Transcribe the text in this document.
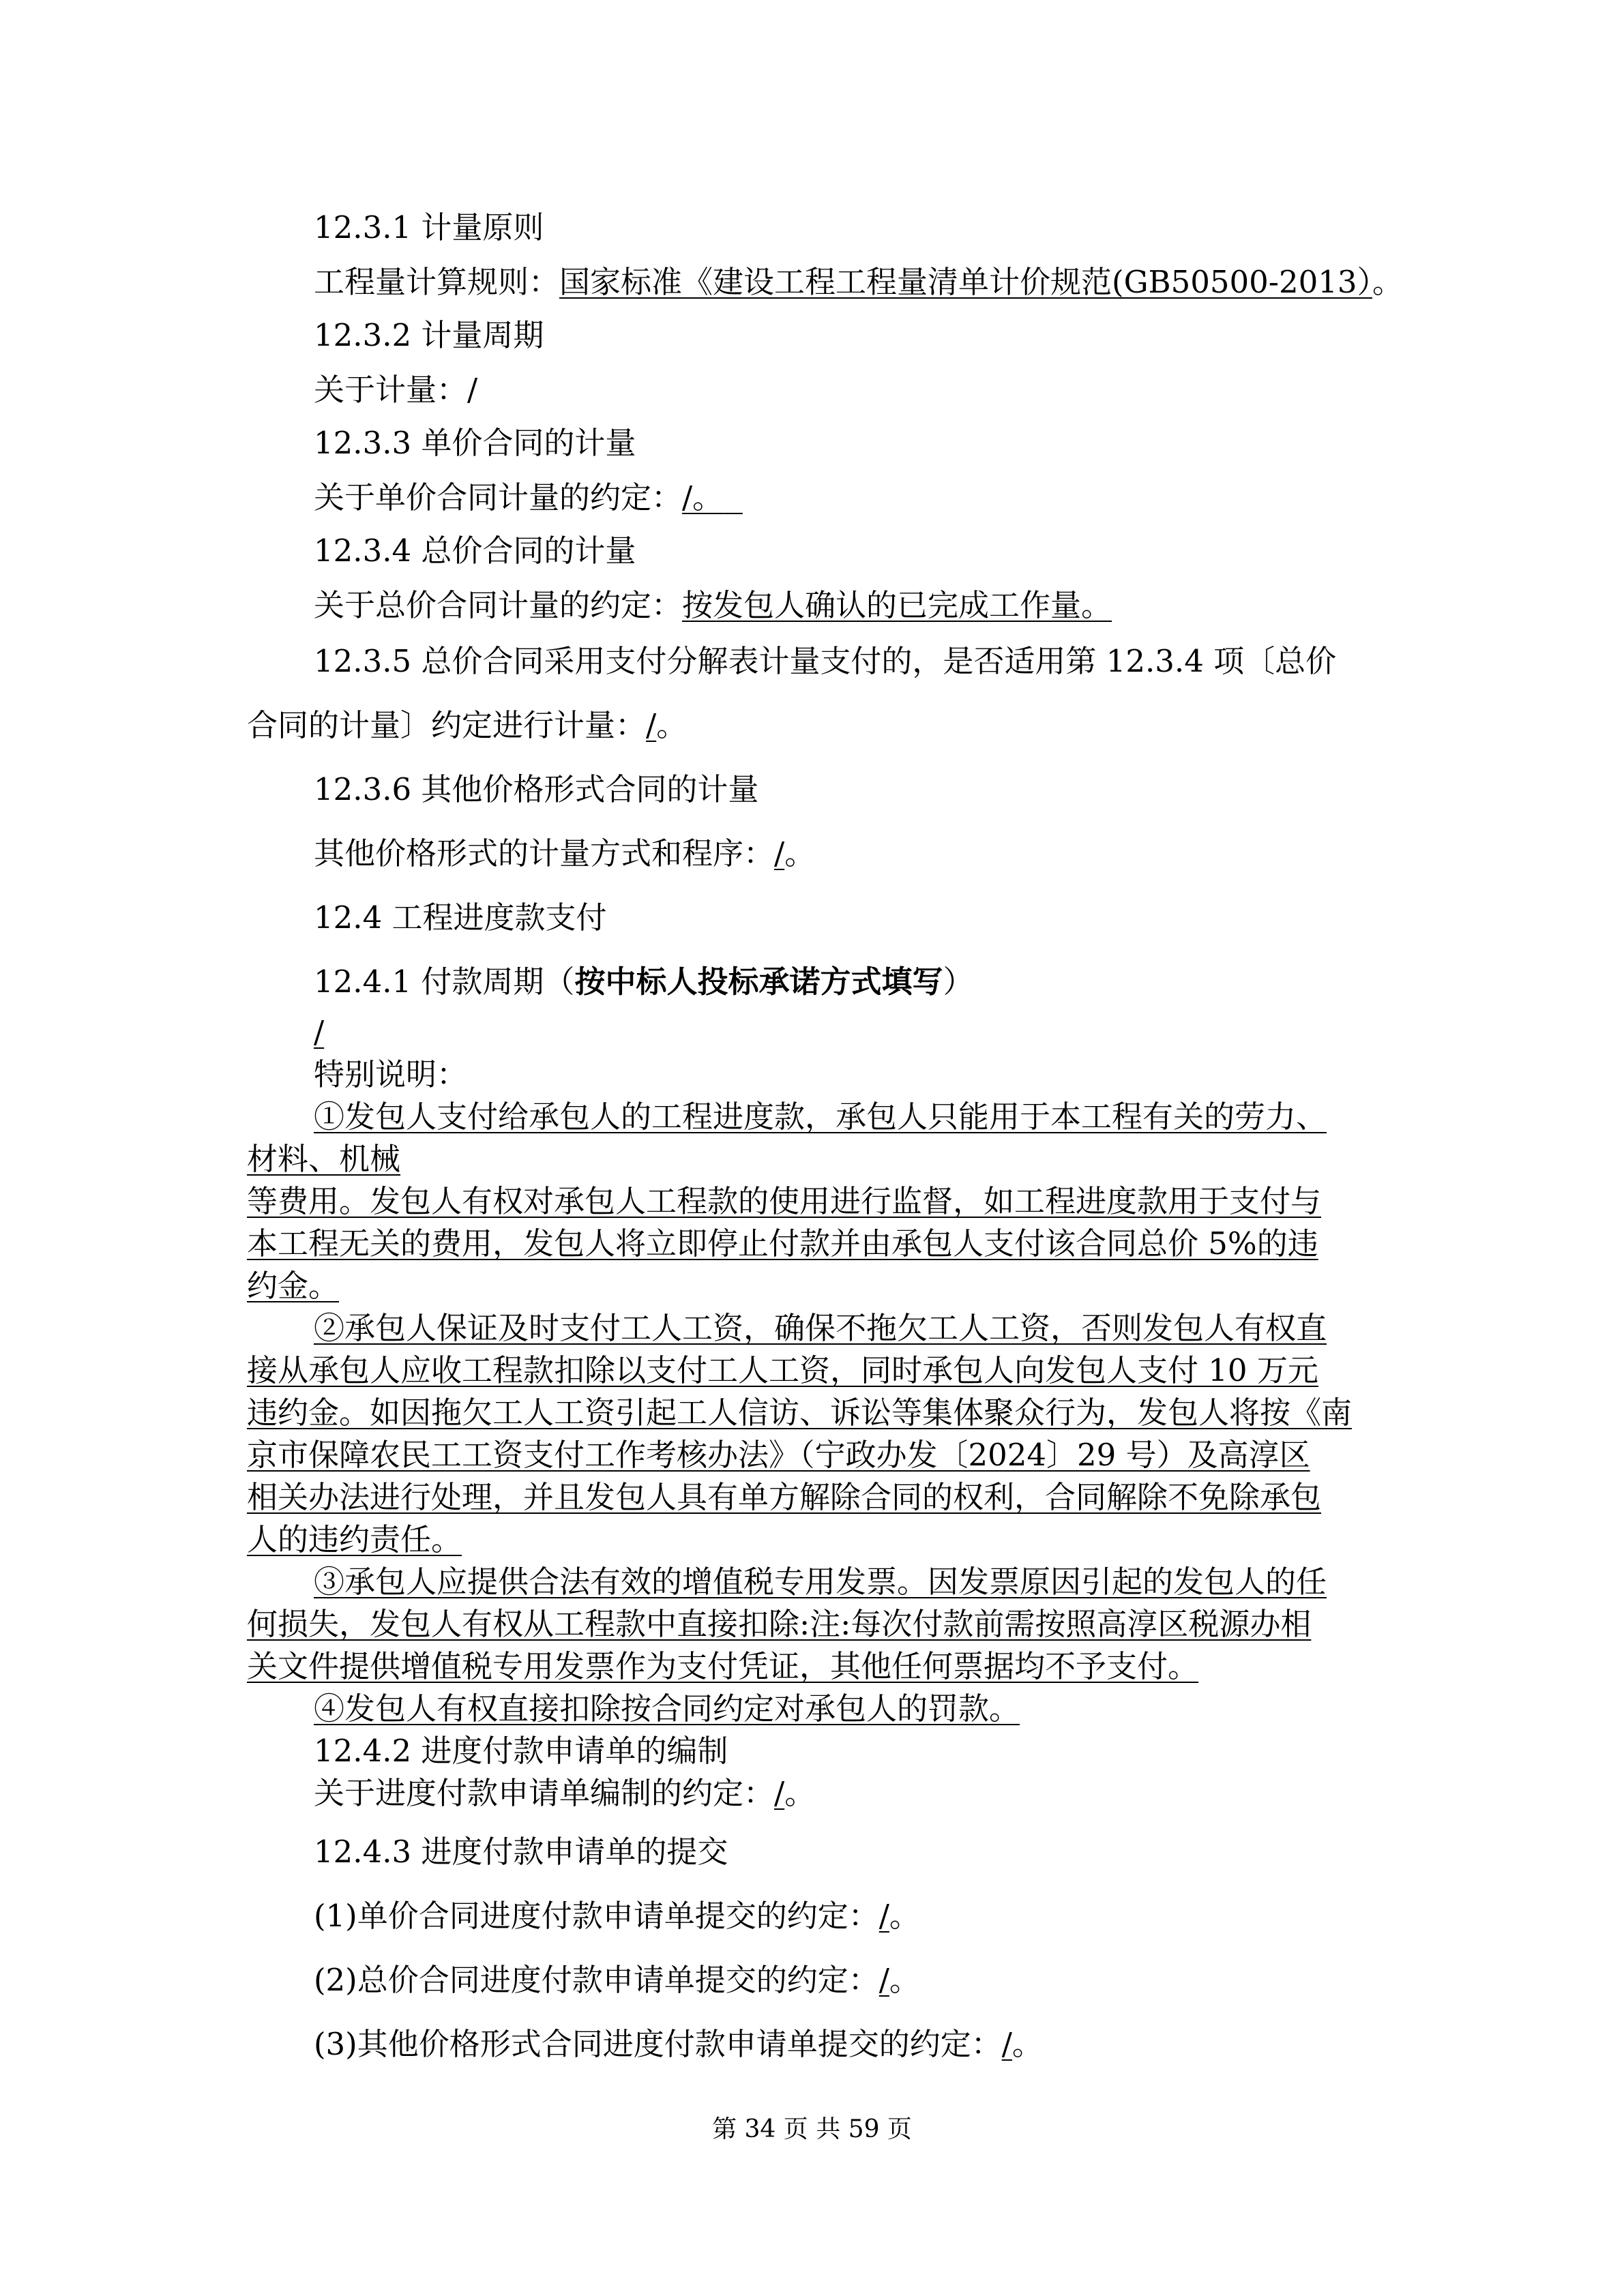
12.3.1 计量原则
工程量计算规则：国家标准《建设工程工程量清单计价规范(GB50500-2013）。
12.3.2 计量周期
关于计量：/
12.3.3 单价合同的计量
关于单价合同计量的约定：/。
12.3.4 总价合同的计量
关于总价合同计量的约定：按发包人确认的已完成工作量。
12.3.5 总价合同采用支付分解表计量支付的，是否适用第 12.3.4 项〔总价
合同的计量〕约定进行计量：/。
12.3.6 其他价格形式合同的计量
其他价格形式的计量方式和程序：/。
12.4 工程进度款支付
12.4.1 付款周期（按中标人投标承诺方式填写）
/
特别说明：
①发包人支付给承包人的工程进度款，承包人只能用于本工程有关的劳力、
材料、机械
等费用。发包人有权对承包人工程款的使用进行监督，如工程进度款用于支付与
本工程无关的费用，发包人将立即停止付款并由承包人支付该合同总价 5%的违
约金。
②承包人保证及时支付工人工资，确保不拖欠工人工资，否则发包人有权直
接从承包人应收工程款扣除以支付工人工资，同时承包人向发包人支付 10 万元
违约金。如因拖欠工人工资引起工人信访、诉讼等集体聚众行为，发包人将按《南
京市保障农民工工资支付工作考核办法》（宁政办发〔2024〕29 号）及高淳区
相关办法进行处理，并且发包人具有单方解除合同的权利，合同解除不免除承包
人的违约责任。
③承包人应提供合法有效的增值税专用发票。因发票原因引起的发包人的任
何损失，发包人有权从工程款中直接扣除:注:每次付款前需按照高淳区税源办相
关文件提供增值税专用发票作为支付凭证，其他任何票据均不予支付。
④发包人有权直接扣除按合同约定对承包人的罚款。
12.4.2 进度付款申请单的编制
关于进度付款申请单编制的约定：/。
12.4.3 进度付款申请单的提交
(1)单价合同进度付款申请单提交的约定：/。
(2)总价合同进度付款申请单提交的约定：/。
(3)其他价格形式合同进度付款申请单提交的约定：/。
第 34 页 共 59 页
